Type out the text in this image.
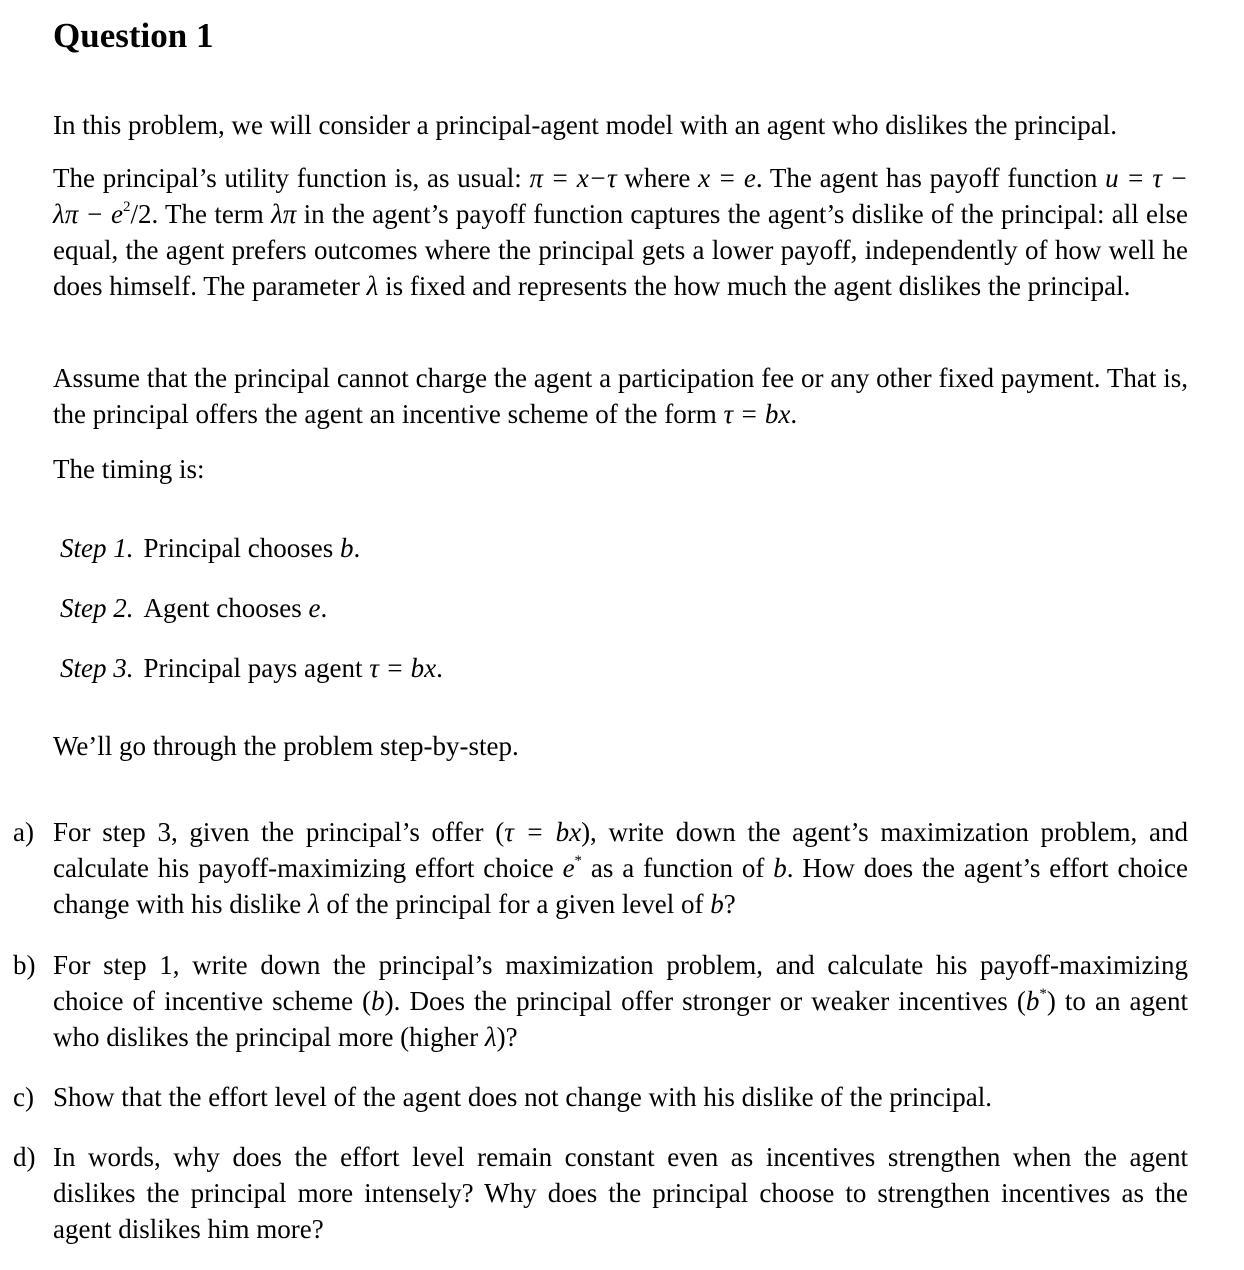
Question 1

In this problem, we will consider a principal-agent model with an agent who dislikes the principal.

The principal’s utility function is, as usual: π = x−τ where x = e. The agent has payoff function $u = \tau - \lambda\pi - e^2/2$. The term λπ in the agent’s payoff function captures the agent’s dislike of the principal: all else equal, the agent prefers outcomes where the principal gets a lower payoff, independently of how well he does himself. The parameter λ is fixed and represents the how much the agent dislikes the principal.

Assume that the principal cannot charge the agent a participation fee or any other fixed payment. That is, the principal offers the agent an incentive scheme of the form τ = bx.

The timing is:

Step 1. Principal chooses b.
Step 2. Agent chooses e.
Step 3. Principal pays agent τ = bx.

We’ll go through the problem step-by-step.

a) For step 3, given the principal’s offer (τ = bx), write down the agent’s maximization problem, and calculate his payoff-maximizing effort choice e* as a function of b. How does the agent’s effort choice change with his dislike λ of the principal for a given level of b?
b) For step 1, write down the principal’s maximization problem, and calculate his payoff-maximizing choice of incentive scheme (b). Does the principal offer stronger or weaker incentives (b*) to an agent who dislikes the principal more (higher λ)?
c) Show that the effort level of the agent does not change with his dislike of the principal.
d) In words, why does the effort level remain constant even as incentives strengthen when the agent dislikes the principal more intensely? Why does the principal choose to strengthen incentives as the agent dislikes him more?
